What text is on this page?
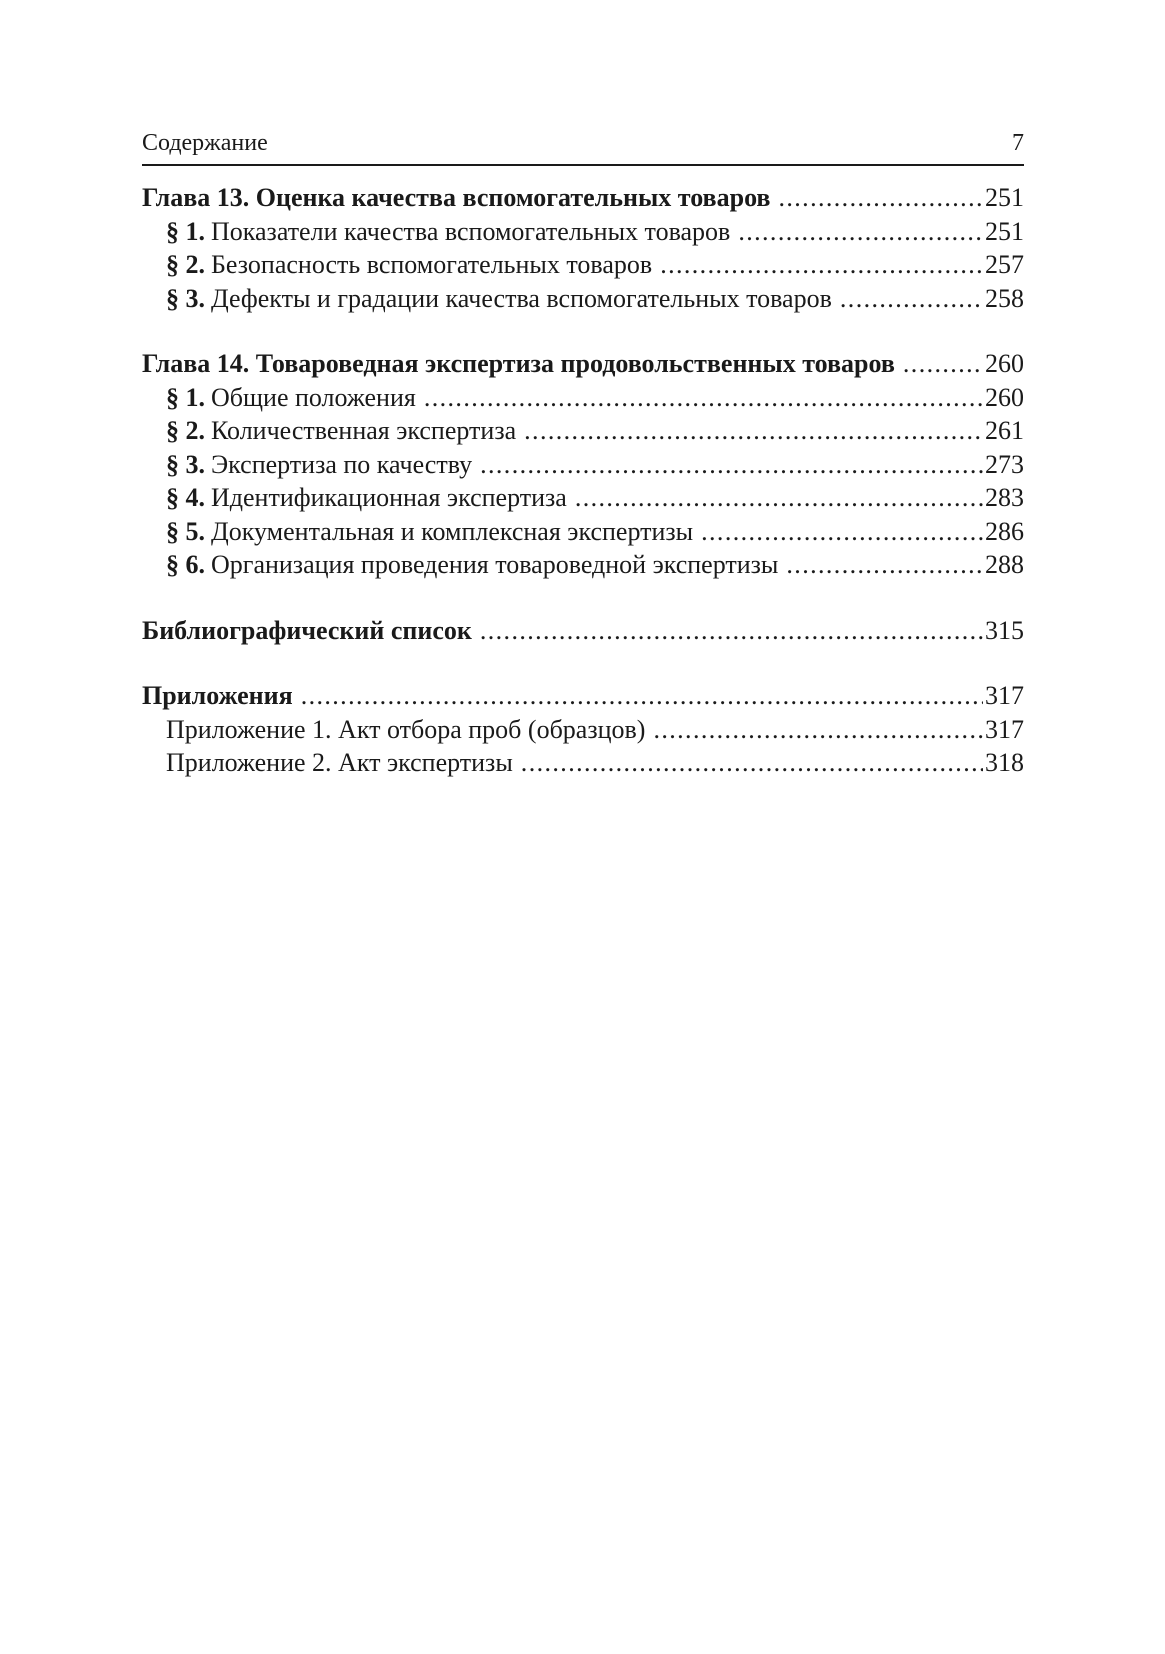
Содержание	7
Глава 13. Оценка качества вспомогательных товаров .....	251
§ 1. Показатели качества вспомогательных товаров .....	251
§ 2. Безопасность вспомогательных товаров .....	257
§ 3. Дефекты и градации качества вспомогательных товаров .....	258
Глава 14. Товароведная экспертиза продовольственных товаров .....	260
§ 1. Общие положения .....	260
§ 2. Количественная экспертиза .....	261
§ 3. Экспертиза по качеству .....	273
§ 4. Идентификационная экспертиза .....	283
§ 5. Документальная и комплексная экспертизы .....	286
§ 6. Организация проведения товароведной экспертизы .....	288
Библиографический список .....	315
Приложения .....	317
Приложение 1. Акт отбора проб (образцов) .....	317
Приложение 2. Акт экспертизы .....	318
